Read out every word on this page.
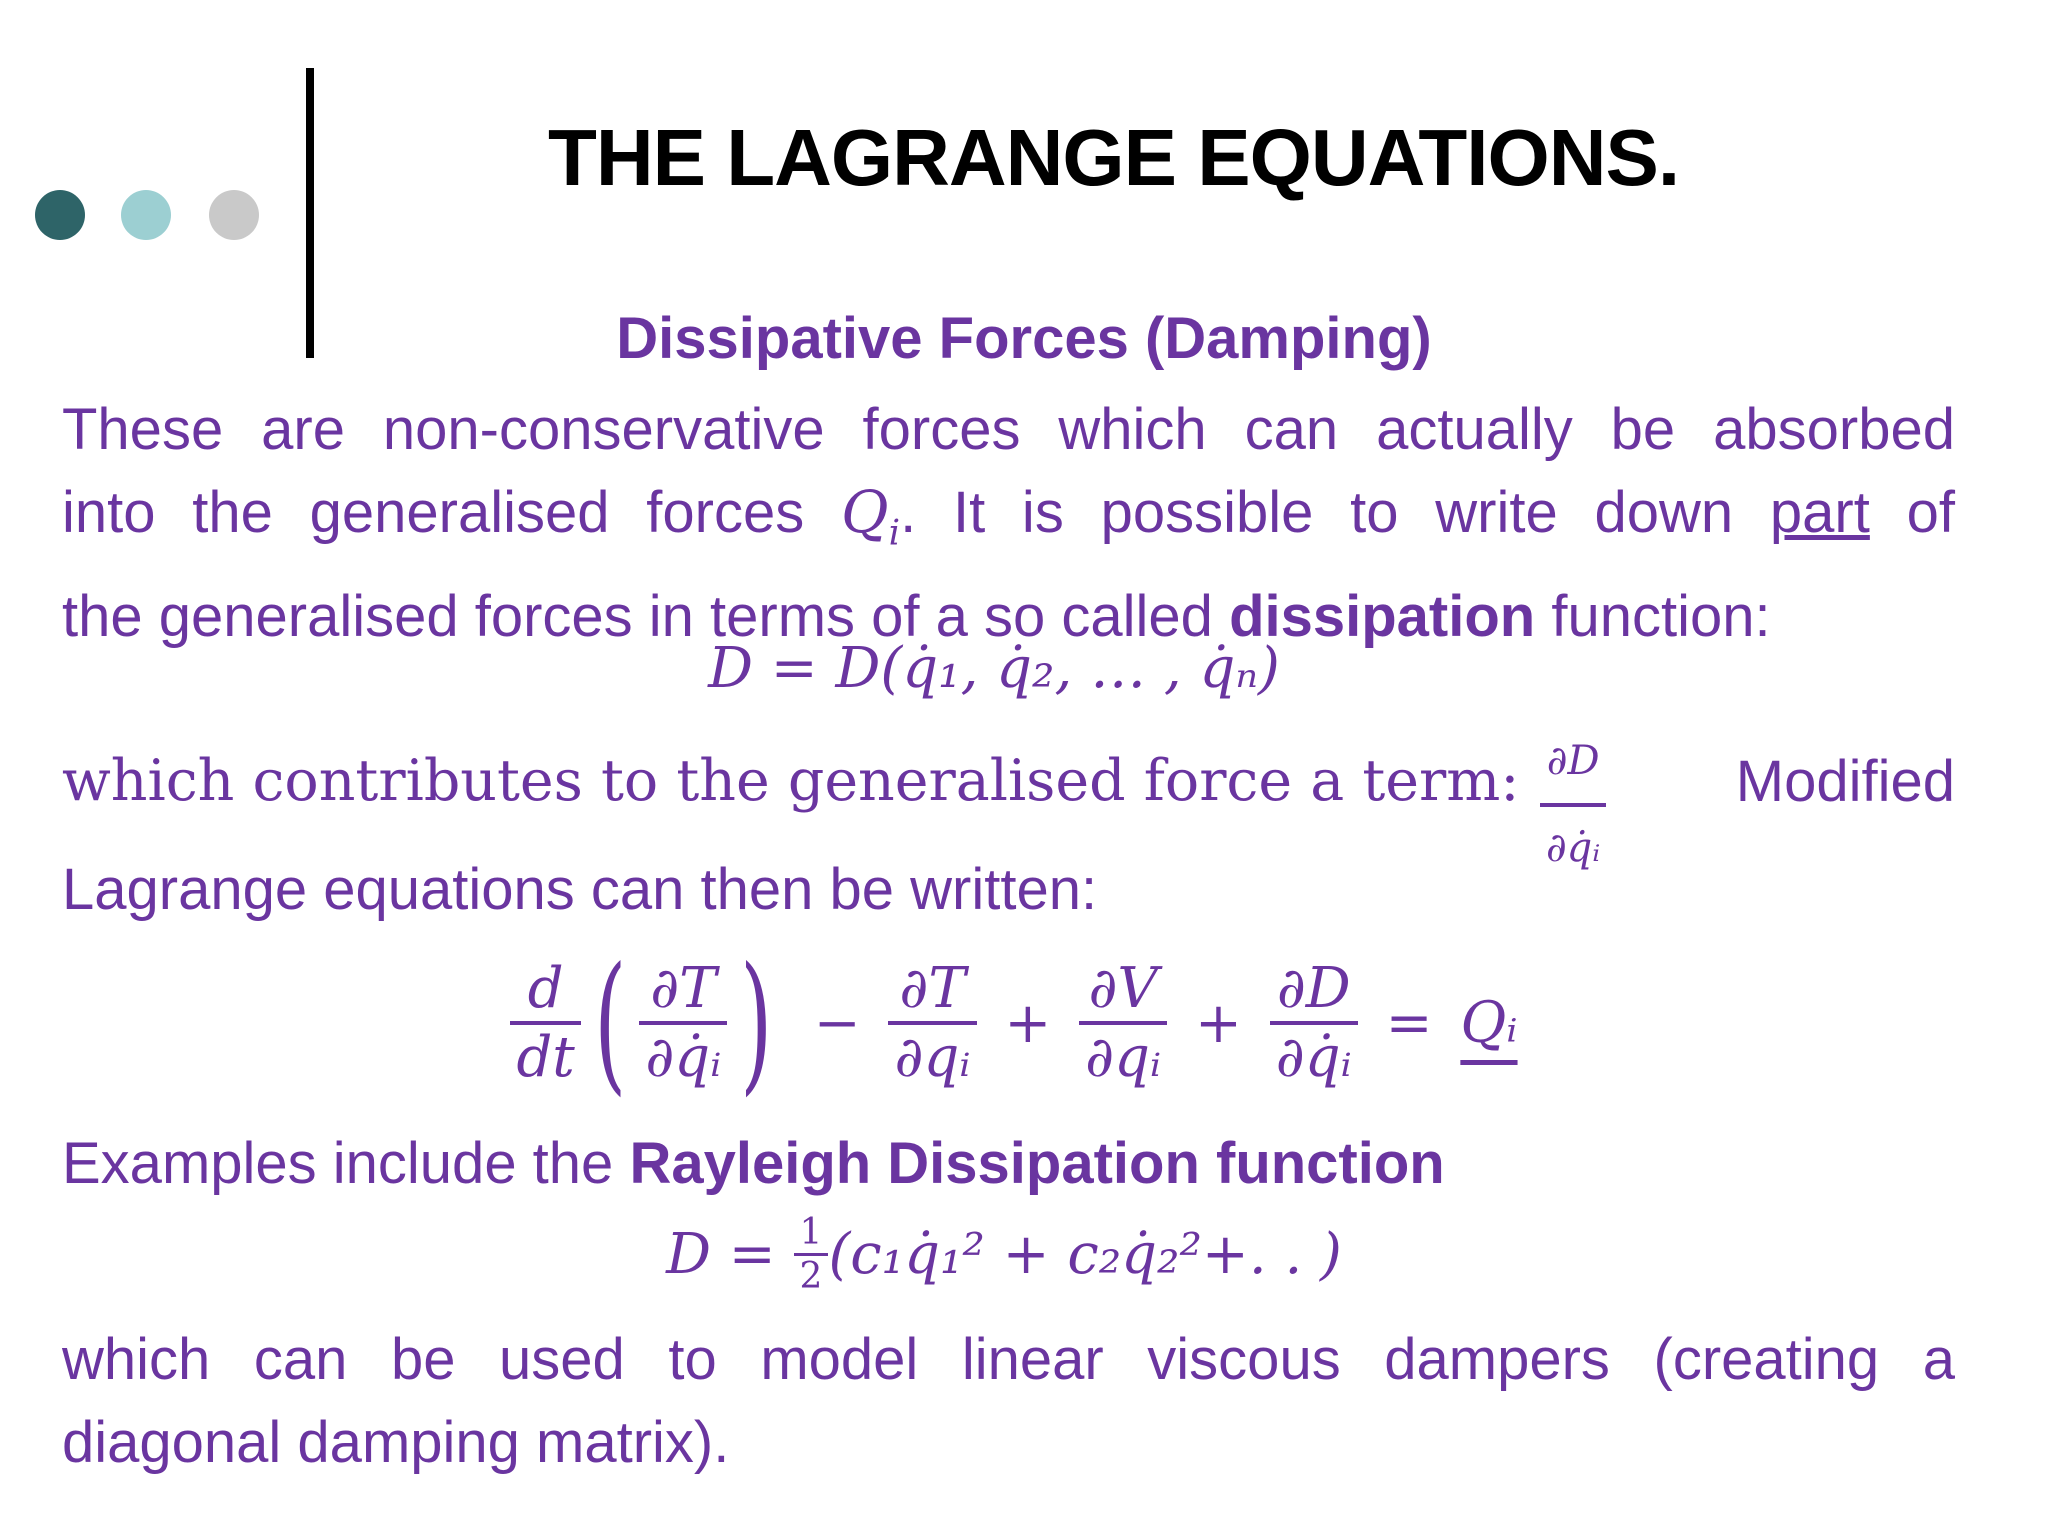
THE LAGRANGE EQUATIONS.
Dissipative Forces (Damping)
These are non-conservative forces which can actually be absorbed
into the generalised forces $Q_i$. It is possible to write down part of
the generalised forces in terms of a so called dissipation function:
D = D(q̇₁, q̇₂, … , q̇ₙ)
which contributes to the generalised force a term: $\frac{\partial D}{\text{∂q̇ᵢ}}$ Modified
Lagrange equations can then be written:
$\frac{d}{dt}$ ( $\frac{\partial T}{\text{∂q̇ᵢ}}$ ) − $\frac{\partial T}{\text{∂qᵢ}} + \frac{\partial V}{\text{∂qᵢ}} + \frac{\partial D}{\text{∂q̇ᵢ}}$ = Qᵢ
Examples include the Rayleigh Dissipation function
$D = \frac{1}{2}$ (c₁q̇₁² + c₂q̇₂²+. . )
which can be used to model linear viscous dampers (creating a
diagonal damping matrix).
